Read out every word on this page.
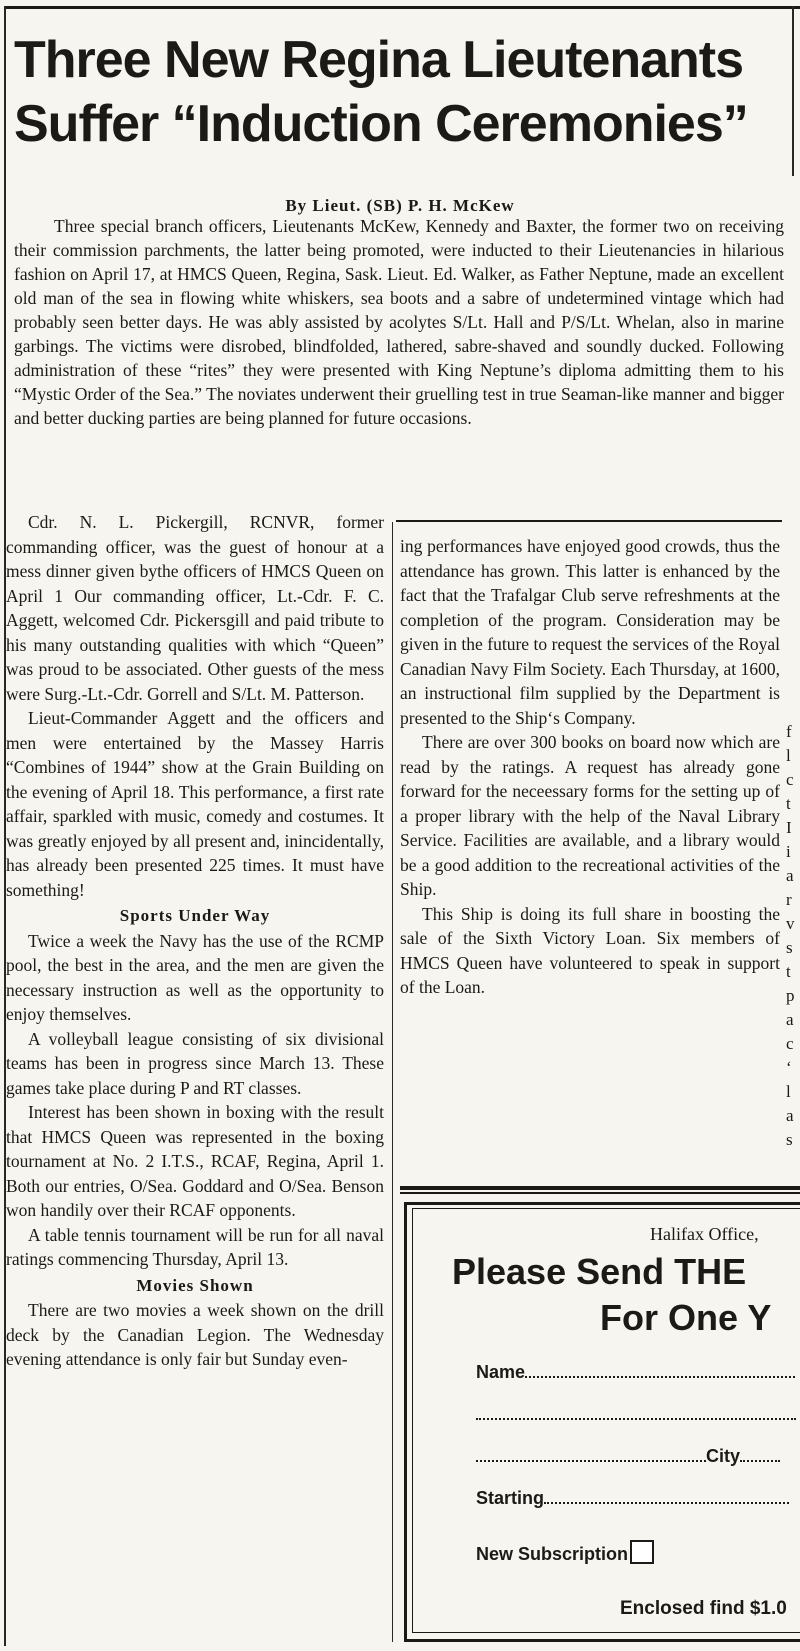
Three New Regina Lieutenants
Suffer “Induction Ceremonies”
By Lieut. (SB) P. H. McKew

Three special branch officers, Lieutenants McKew, Kennedy and Baxter, the former two on receiving their commission parchments, the latter being promoted, were inducted to their Lieutenancies in hilarious fashion on April 17, at HMCS Queen, Regina, Sask. Lieut. Ed. Walker, as Father Neptune, made an excellent old man of the sea in flowing white whiskers, sea boots and a sabre of undetermined vintage which had probably seen better days. He was ably assisted by acolytes S/Lt. Hall and P/S/Lt. Whelan, also in marine garbings. The victims were disrobed, blindfolded, lathered, sabre-shaved and soundly ducked. Following administration of these “rites” they were presented with King Neptune’s diploma admitting them to his “Mystic Order of the Sea.” The noviates underwent their gruelling test in true Seaman-like manner and bigger and better ducking parties are being planned for future occasions.

Cdr. N. L. Pickergill, RCNVR, former commanding officer, was the guest of honour at a mess dinner given bythe officers of HMCS Queen on April 1 Our commanding officer, Lt.-Cdr. F. C. Aggett, welcomed Cdr. Pickersgill and paid tribute to his many outstanding qualities with which “Queen” was proud to be associated. Other guests of the mess were Surg.-Lt.-Cdr. Gorrell and S/Lt. M. Patterson.

Lieut-Commander Aggett and the officers and men were entertained by the Massey Harris “Combines of 1944” show at the Grain Building on the evening of April 18. This performance, a first rate affair, sparkled with music, comedy and costumes. It was greatly enjoyed by all present and, inincidentally, has already been presented 225 times. It must have something!

Sports Under Way

Twice a week the Navy has the use of the RCMP pool, the best in the area, and the men are given the necessary instruction as well as the opportunity to enjoy themselves.

A volleyball league consisting of six divisional teams has been in progress since March 13. These games take place during P and RT classes.

Interest has been shown in boxing with the result that HMCS Queen was represented in the boxing tournament at No. 2 I.T.S., RCAF, Regina, April 1. Both our entries, O/Sea. Goddard and O/Sea. Benson won handily over their RCAF opponents.

A table tennis tournament will be run for all naval ratings commencing Thursday, April 13.

Movies Shown

There are two movies a week shown on the drill deck by the Canadian Legion. The Wednesday evening attendance is only fair but Sunday even-

ing performances have enjoyed good crowds, thus the attendance has grown. This latter is enhanced by the fact that the Trafalgar Club serve refreshments at the completion of the program. Consideration may be given in the future to request the services of the Royal Canadian Navy Film Society. Each Thursday, at 1600, an instructional film supplied by the Department is presented to the Ship‘s Company.

There are over 300 books on board now which are read by the ratings. A request has already gone forward for the neceessary forms for the setting up of a proper library with the help of the Naval Library Service. Facilities are available, and a library would be a good addition to the recreational activities of the Ship.

This Ship is doing its full share in boosting the sale of the Sixth Victory Loan. Six members of HMCS Queen have volunteered to speak in support of the Loan.

f
l
c
t
I
i
a
r
v
s
t
p
a
c
‘
l
a
s
Halifax Office,
Please Send THE
For One Y
Name
City
Starting
New Subscription
Enclosed find $1.0
